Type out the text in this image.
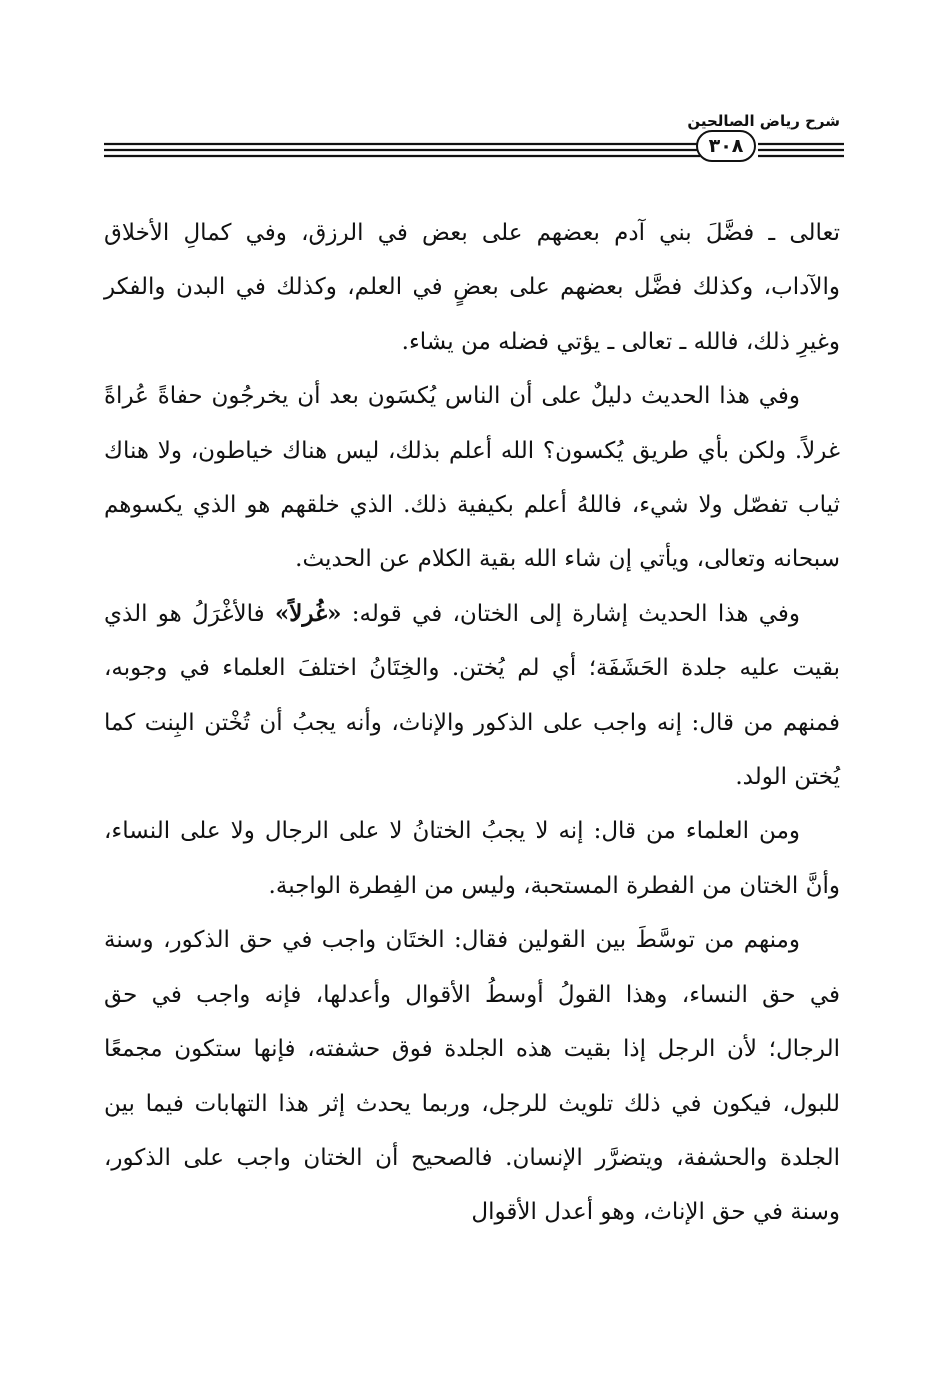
شرح رياض الصالحين
٣٠٨

تعالى ـ فضَّلَ بني آدم بعضهم على بعض في الرزق، وفي كمالِ الأخلاق والآداب، وكذلك فضَّل بعضهم على بعضٍ في العلم، وكذلك في البدن والفكر وغيرِ ذلك، فالله ـ تعالى ـ يؤتي فضله من يشاء.

وفي هذا الحديث دليلٌ على أن الناس يُكسَون بعد أن يخرجُون حفاةً عُراةً غرلاً. ولكن بأي طريق يُكسون؟ الله أعلم بذلك، ليس هناك خياطون، ولا هناك ثياب تفصّل ولا شيء، فاللهُ أعلم بكيفية ذلك. الذي خلقهم هو الذي يكسوهم سبحانه وتعالى، ويأتي إن شاء الله بقية الكلام عن الحديث.

وفي هذا الحديث إشارة إلى الختان، في قوله: «غُرلاً» فالأغْرَلُ هو الذي بقيت عليه جلدة الحَشَفَة؛ أي لم يُختن. والخِتَانُ اختلفَ العلماء في وجوبه، فمنهم من قال: إنه واجب على الذكور والإناث، وأنه يجبُ أن تُخْتن البِنت كما يُختن الولد.

ومن العلماء من قال: إنه لا يجبُ الختانُ لا على الرجال ولا على النساء، وأنَّ الختان من الفطرة المستحبة، وليس من الفِطرة الواجبة.

ومنهم من توسَّطَ بين القولين فقال: الختَان واجب في حق الذكور، وسنة في حق النساء، وهذا القولُ أوسطُ الأقوال وأعدلها، فإنه واجب في حق الرجال؛ لأن الرجل إذا بقيت هذه الجلدة فوق حشفته، فإنها ستكون مجمعًا للبول، فيكون في ذلك تلويث للرجل، وربما يحدث إثر هذا التهابات فيما بين الجلدة والحشفة، ويتضرَّر الإنسان. فالصحيح أن الختان واجب على الذكور، وسنة في حق الإناث، وهو أعدل الأقوال
